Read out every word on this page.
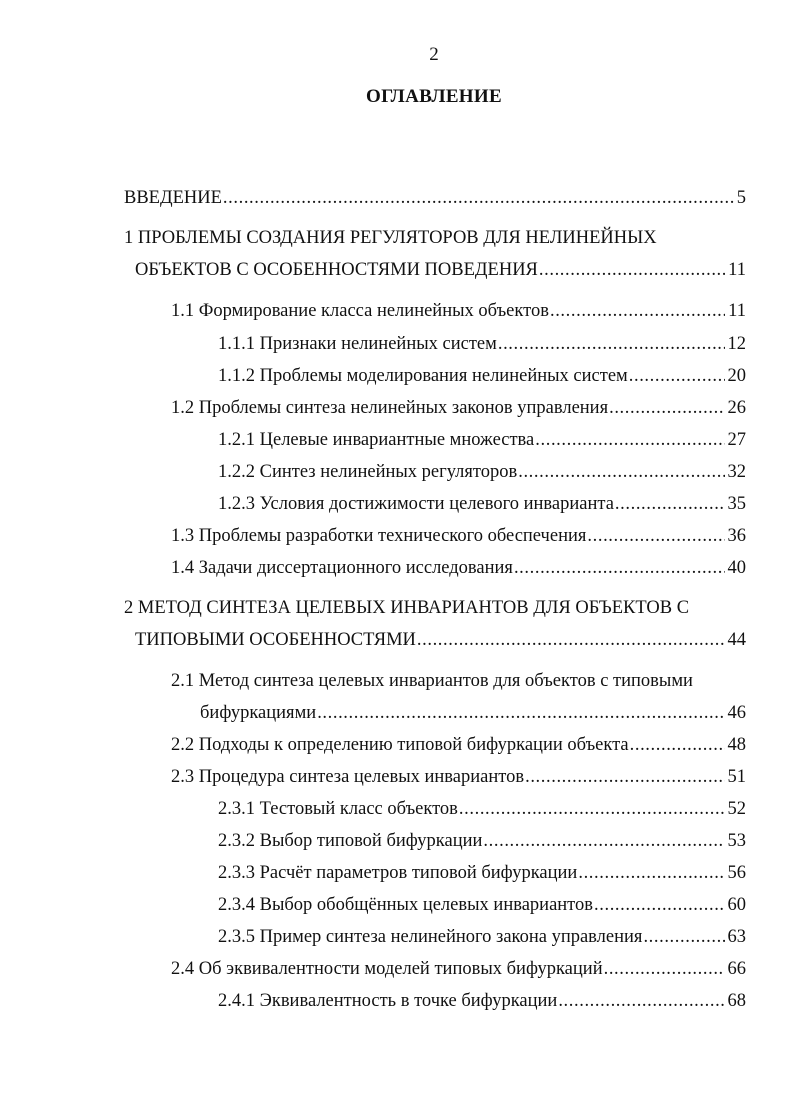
2
ОГЛАВЛЕНИЕ
ВВЕДЕНИЕ .....	5
1 ПРОБЛЕМЫ СОЗДАНИЯ РЕГУЛЯТОРОВ ДЛЯ НЕЛИНЕЙНЫХ
ОБЪЕКТОВ С ОСОБЕННОСТЯМИ ПОВЕДЕНИЯ .....	11
1.1 Формирование класса нелинейных объектов .....	11
1.1.1 Признаки нелинейных систем .....	12
1.1.2 Проблемы моделирования нелинейных систем .....	20
1.2 Проблемы синтеза нелинейных законов управления .....	26
1.2.1 Целевые инвариантные множества .....	27
1.2.2 Синтез нелинейных регуляторов .....	32
1.2.3 Условия достижимости целевого инварианта .....	35
1.3 Проблемы разработки технического обеспечения .....	36
1.4 Задачи диссертационного исследования .....	40
2 МЕТОД СИНТЕЗА ЦЕЛЕВЫХ ИНВАРИАНТОВ ДЛЯ ОБЪЕКТОВ С
ТИПОВЫМИ ОСОБЕННОСТЯМИ .....	44
2.1 Метод синтеза целевых инвариантов для объектов с типовыми
бифуркациями .....	46
2.2 Подходы к определению типовой бифуркации объекта .....	48
2.3 Процедура синтеза целевых инвариантов .....	51
2.3.1 Тестовый класс объектов .....	52
2.3.2 Выбор типовой бифуркации .....	53
2.3.3 Расчёт параметров типовой бифуркации .....	56
2.3.4 Выбор обобщённых целевых инвариантов .....	60
2.3.5 Пример синтеза нелинейного закона управления .....	63
2.4 Об эквивалентности моделей типовых бифуркаций .....	66
2.4.1 Эквивалентность в точке бифуркации .....	68
